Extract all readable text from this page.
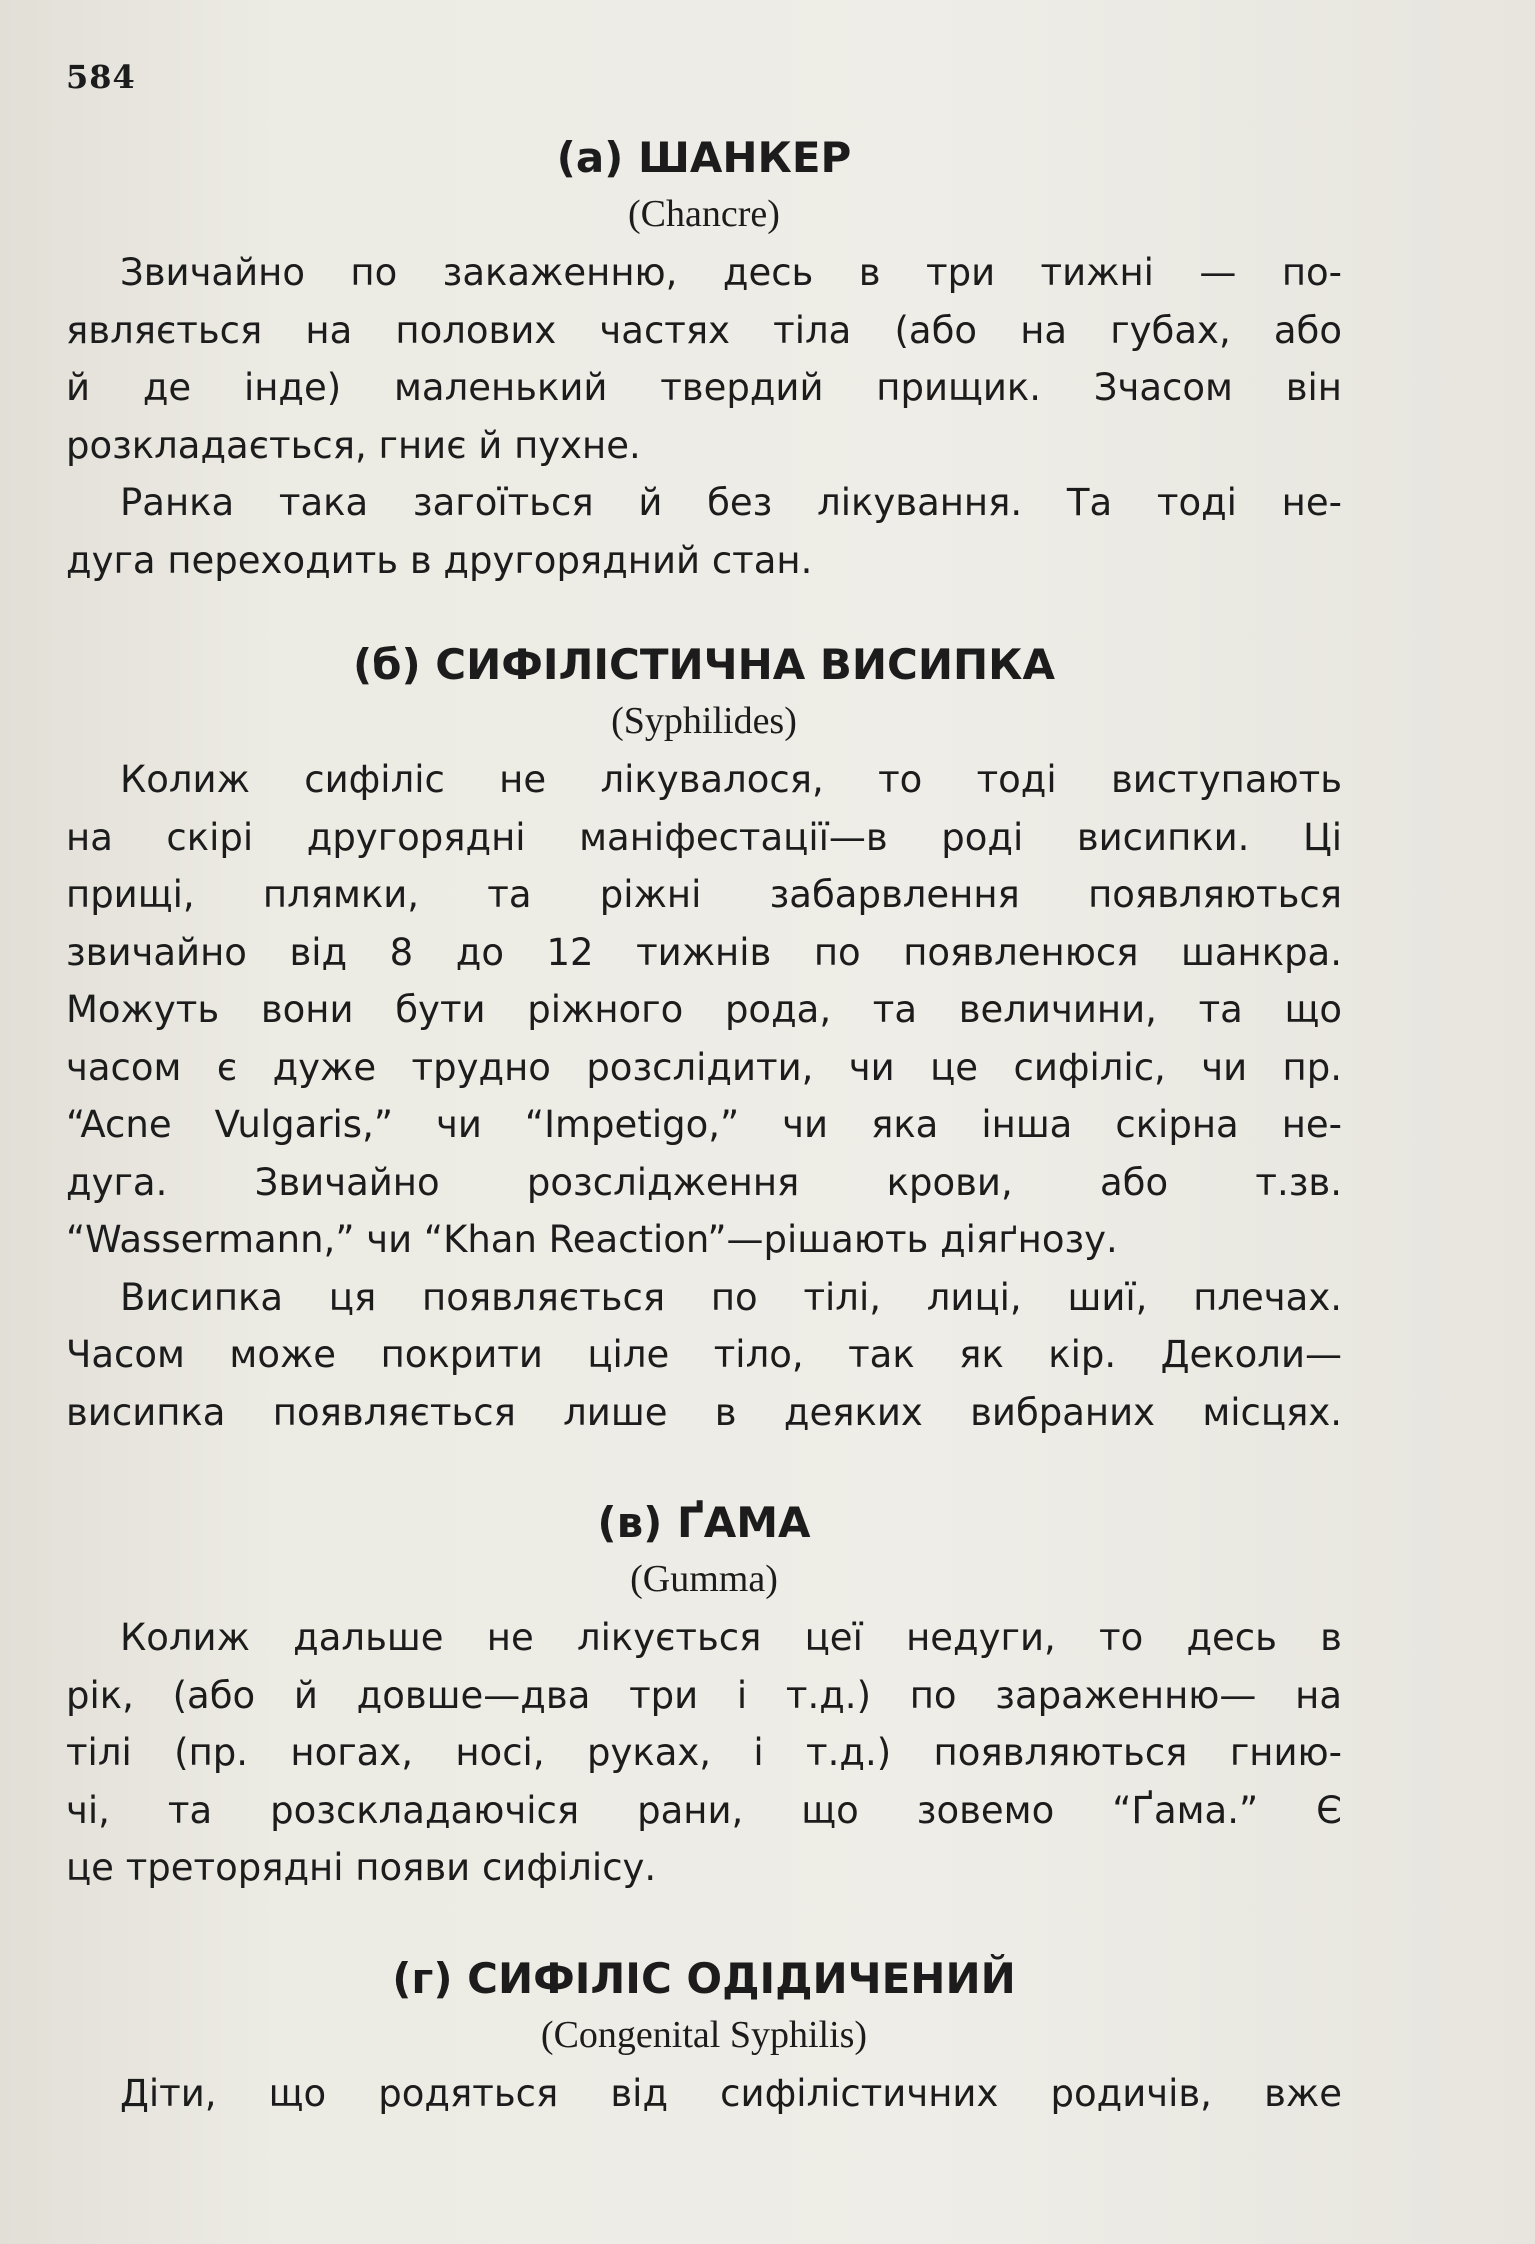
584
(а) ШАНКЕР
(Chancre)

Звичайно по закаженню, десь в три тижні — по-
являється на полових частях тіла (або на губах, або
й де інде) маленький твердий прищик. Зчасом він
розкладається, гниє й пухне.

Ранка така загоїться й без лікування. Та тоді не-
дуга переходить в другорядний стан.

(б) СИФІЛІСТИЧНА ВИСИПКА
(Syphilides)

Колиж сифіліс не лікувалося, то тоді виступають
на скірі другорядні маніфестації—в роді висипки. Ці
прищі, плямки, та ріжні забарвлення появляються
звичайно від 8 до 12 тижнів по появленюся шанкра.
Можуть вони бути ріжного рода, та величини, та що
часом є дуже трудно розслідити, чи це сифіліс, чи пр.
“Acne Vulgaris,” чи “Impetigo,” чи яка інша скірна не-
дуга. Звичайно розслідження крови, або т.зв.
“Wassermann,” чи “Khan Reaction”—рішають діяґнозу.

Висипка ця появляється по тілі, лиці, шиї, плечах.
Часом може покрити ціле тіло, так як кір. Деколи—
висипка появляється лише в деяких вибраних місцях.

(в) ҐАМА
(Gumma)

Колиж дальше не лікується цеї недуги, то десь в
рік, (або й довше—два три і т.д.) по зараженню— на
тілі (пр. ногах, носі, руках, і т.д.) появляються гнию-
чі, та розскладаючіся рани, що зовемо “Ґама.” Є
це треторядні появи сифілісу.

(г) СИФІЛІС ОДІДИЧЕНИЙ
(Congenital Syphilis)

Діти, що родяться від сифілістичних родичів, вже
